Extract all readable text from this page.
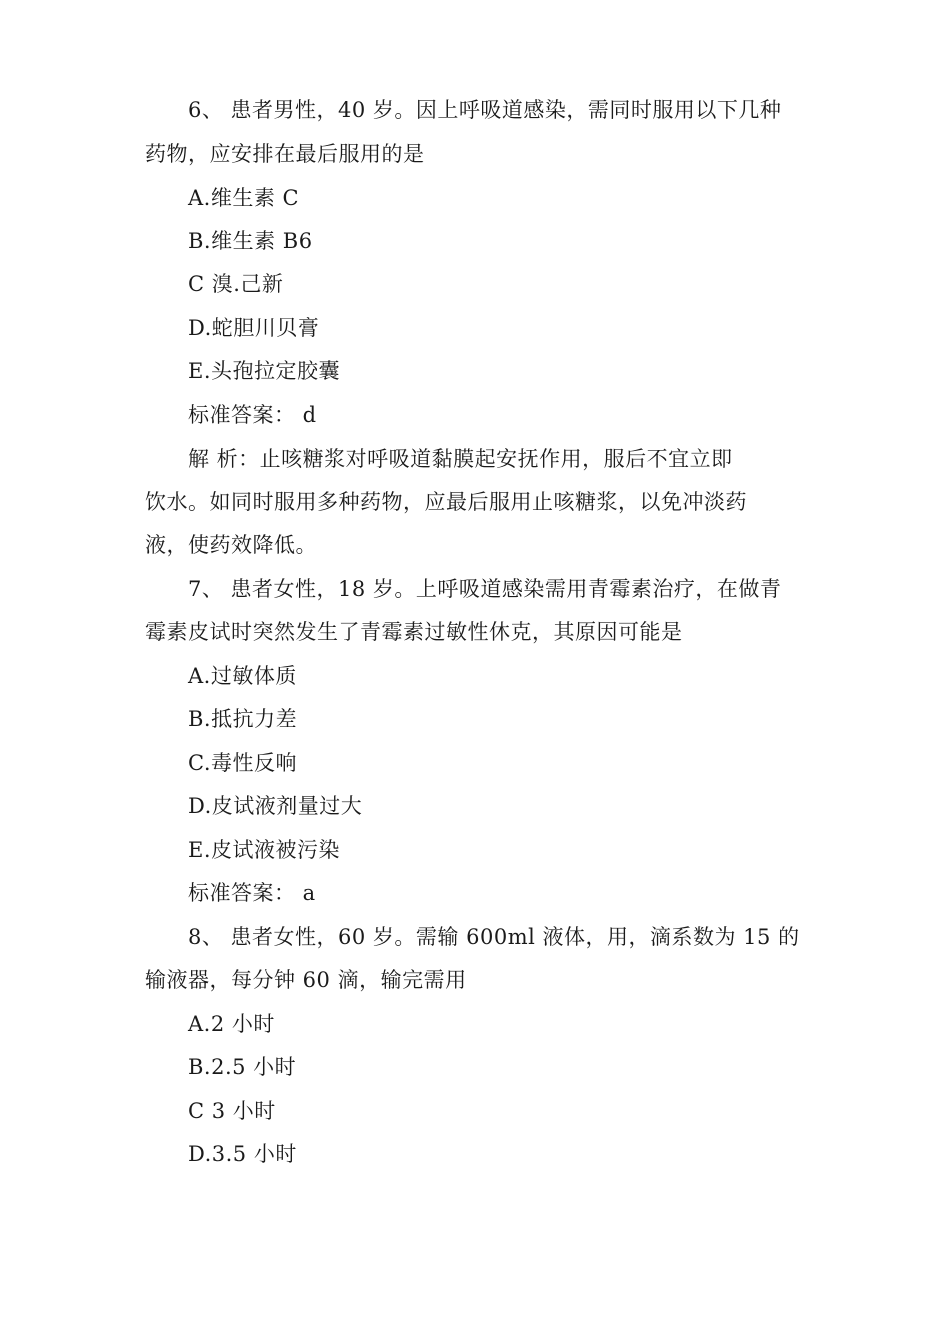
6、 患者男性，40 岁。因上呼吸道感染，需同时服用以下几种
药物，应安排在最后服用的是
A.维生素 C
B.维生素 B6
C 溴.己新
D.蛇胆川贝膏
E.头孢拉定胶囊
标准答案： d
解 析：止咳糖浆对呼吸道黏膜起安抚作用，服后不宜立即
饮水。如同时服用多种药物，应最后服用止咳糖浆，以免冲淡药
液，使药效降低。
7、 患者女性，18 岁。上呼吸道感染需用青霉素治疗，在做青
霉素皮试时突然发生了青霉素过敏性休克，其原因可能是
A.过敏体质
B.抵抗力差
C.毒性反响
D.皮试液剂量过大
E.皮试液被污染
标准答案： a
8、 患者女性，60 岁。需输 600ml 液体，用，滴系数为 15 的
输液器，每分钟 60 滴，输完需用
A.2 小时
B.2.5 小时
C 3 小时
D.3.5 小时
